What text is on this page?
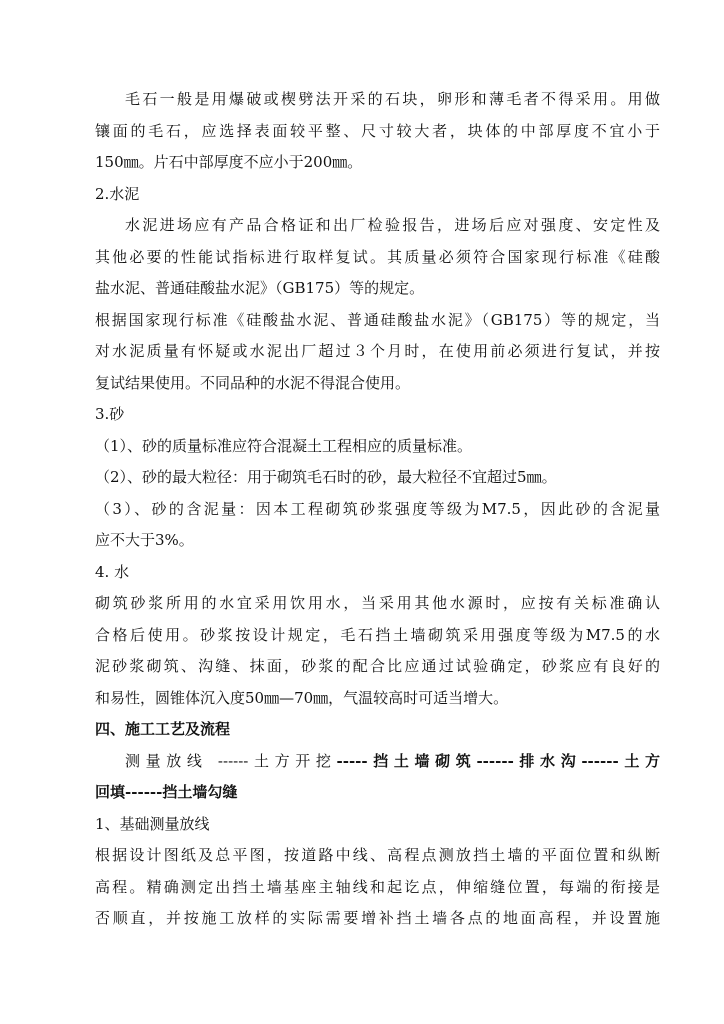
毛石一般是用爆破或楔劈法开采的石块，卵形和薄毛者不得采用。用做
镶面的毛石，应选择表面较平整、尺寸较大者，块体的中部厚度不宜小于
150㎜。片石中部厚度不应小于200㎜。
2.水泥
水泥进场应有产品合格证和出厂检验报告，进场后应对强度、安定性及
其他必要的性能试指标进行取样复试。其质量必须符合国家现行标准《硅酸
盐水泥、普通硅酸盐水泥》（GB175）等的规定。
根据国家现行标准《硅酸盐水泥、普通硅酸盐水泥》（GB175）等的规定，当
对水泥质量有怀疑或水泥出厂超过３个月时，在使用前必须进行复试，并按
复试结果使用。不同品种的水泥不得混合使用。
3.砂
（1）、砂的质量标准应符合混凝土工程相应的质量标准。
（2）、砂的最大粒径：用于砌筑毛石时的砂，最大粒径不宜超过5㎜。
（3）、砂的含泥量：因本工程砌筑砂浆强度等级为M7.5，因此砂的含泥量
应不大于3%。
4. 水
砌筑砂浆所用的水宜采用饮用水，当采用其他水源时，应按有关标准确认
合格后使用。砂浆按设计规定，毛石挡土墙砌筑采用强度等级为M7.5的水
泥砂浆砌筑、沟缝、抹面，砂浆的配合比应通过试验确定，砂浆应有良好的
和易性，圆锥体沉入度50㎜—70㎜，气温较高时可适当增大。
四、施工工艺及流程
测量放线 ------土方开挖-----挡土墙砌筑------排水沟------土方
回填------挡土墙勾缝
1、基础测量放线
根据设计图纸及总平图，按道路中线、高程点测放挡土墙的平面位置和纵断
高程。精确测定出挡土墙基座主轴线和起讫点，伸缩缝位置，每端的衔接是
否顺直，并按施工放样的实际需要增补挡土墙各点的地面高程，并设置施
